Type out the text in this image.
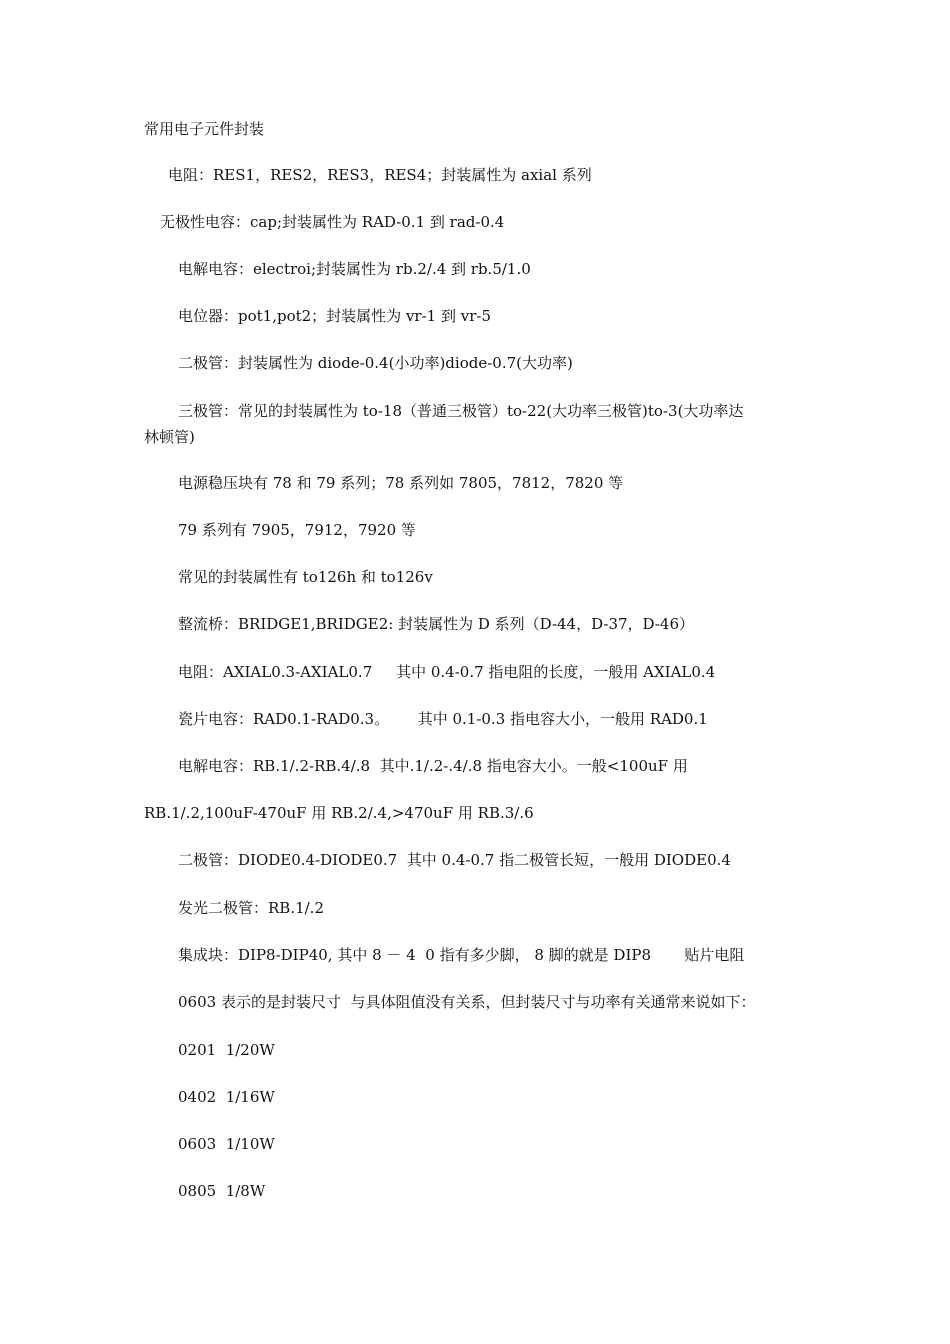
常用电子元件封装

电阻：RES1，RES2，RES3，RES4；封装属性为 axial 系列

无极性电容：cap;封装属性为 RAD-0.1 到 rad-0.4

电解电容：electroi;封装属性为 rb.2/.4 到 rb.5/1.0

电位器：pot1,pot2；封装属性为 vr-1 到 vr-5

二极管：封装属性为 diode-0.4(小功率)diode-0.7(大功率)

三极管：常见的封装属性为 to-18（普通三极管）to-22(大功率三极管)to-3(大功率达

林顿管)

电源稳压块有 78 和 79 系列；78 系列如 7805，7812，7820 等

79 系列有 7905，7912，7920 等

常见的封装属性有 to126h 和 to126v

整流桥：BRIDGE1,BRIDGE2: 封装属性为 D 系列（D-44，D-37，D-46）

电阻：AXIAL0.3-AXIAL0.7     其中 0.4-0.7 指电阻的长度，一般用 AXIAL0.4

瓷片电容：RAD0.1-RAD0.3。      其中 0.1-0.3 指电容大小，一般用 RAD0.1

电解电容：RB.1/.2-RB.4/.8  其中.1/.2-.4/.8 指电容大小。一般<100uF 用

RB.1/.2,100uF-470uF 用 RB.2/.4,>470uF 用 RB.3/.6

二极管：DIODE0.4-DIODE0.7  其中 0.4-0.7 指二极管长短，一般用 DIODE0.4

发光二极管：RB.1/.2

集成块：DIP8-DIP40, 其中 8 － 4  0 指有多少脚， 8 脚的就是 DIP8       贴片电阻

0603 表示的是封装尺寸  与具体阻值没有关系，但封装尺寸与功率有关通常来说如下：

0201  1/20W

0402  1/16W

0603  1/10W

0805  1/8W
